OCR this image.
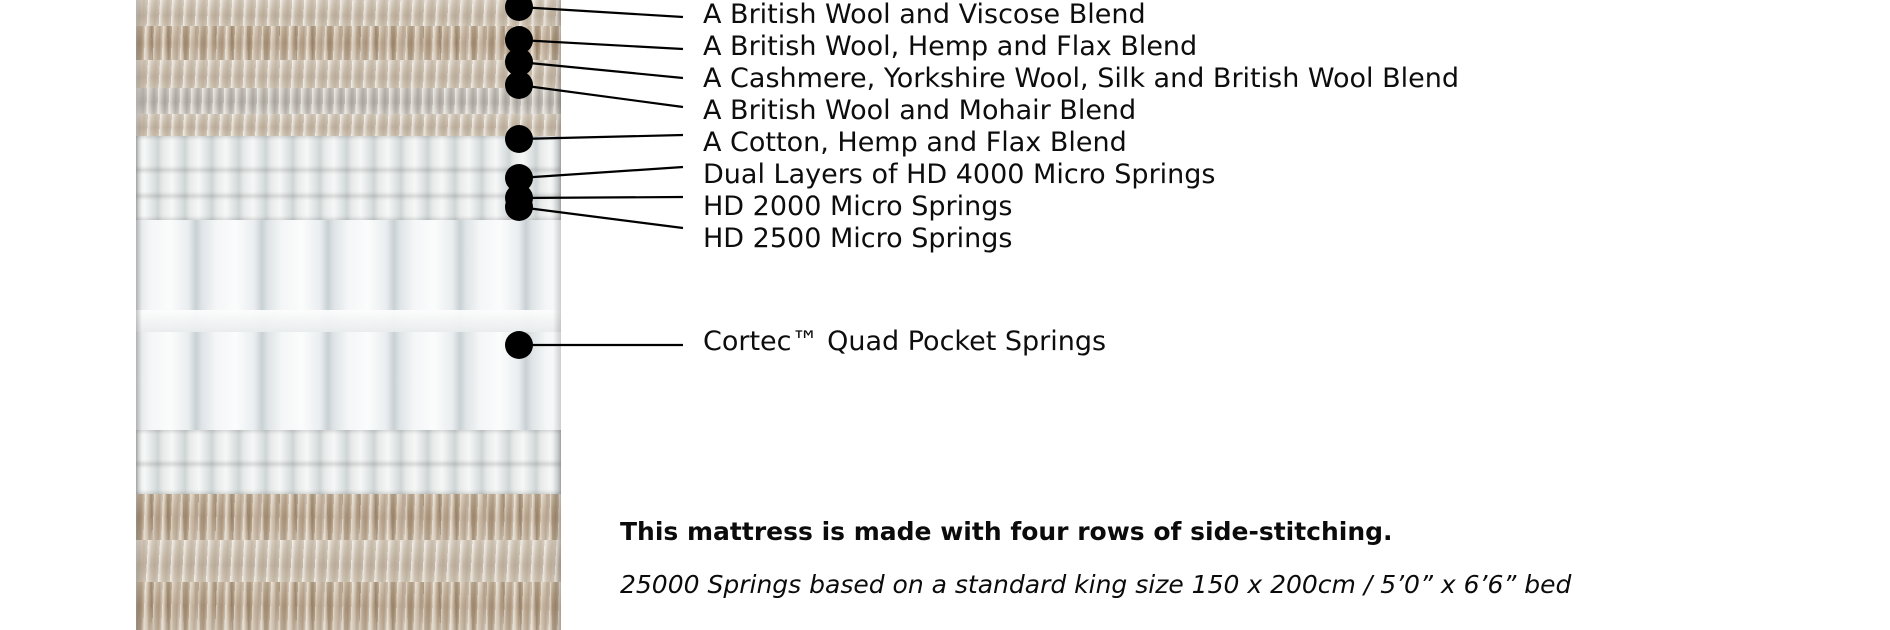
A British Wool and Viscose Blend
A British Wool, Hemp and Flax Blend
A Cashmere, Yorkshire Wool, Silk and British Wool Blend
A British Wool and Mohair Blend
A Cotton, Hemp and Flax Blend
Dual Layers of HD 4000 Micro Springs
HD 2000 Micro Springs
HD 2500 Micro Springs
Cortec™ Quad Pocket Springs
This mattress is made with four rows of side-stitching.
25000 Springs based on a standard king size 150 x 200cm / 5’0” x 6’6” bed
